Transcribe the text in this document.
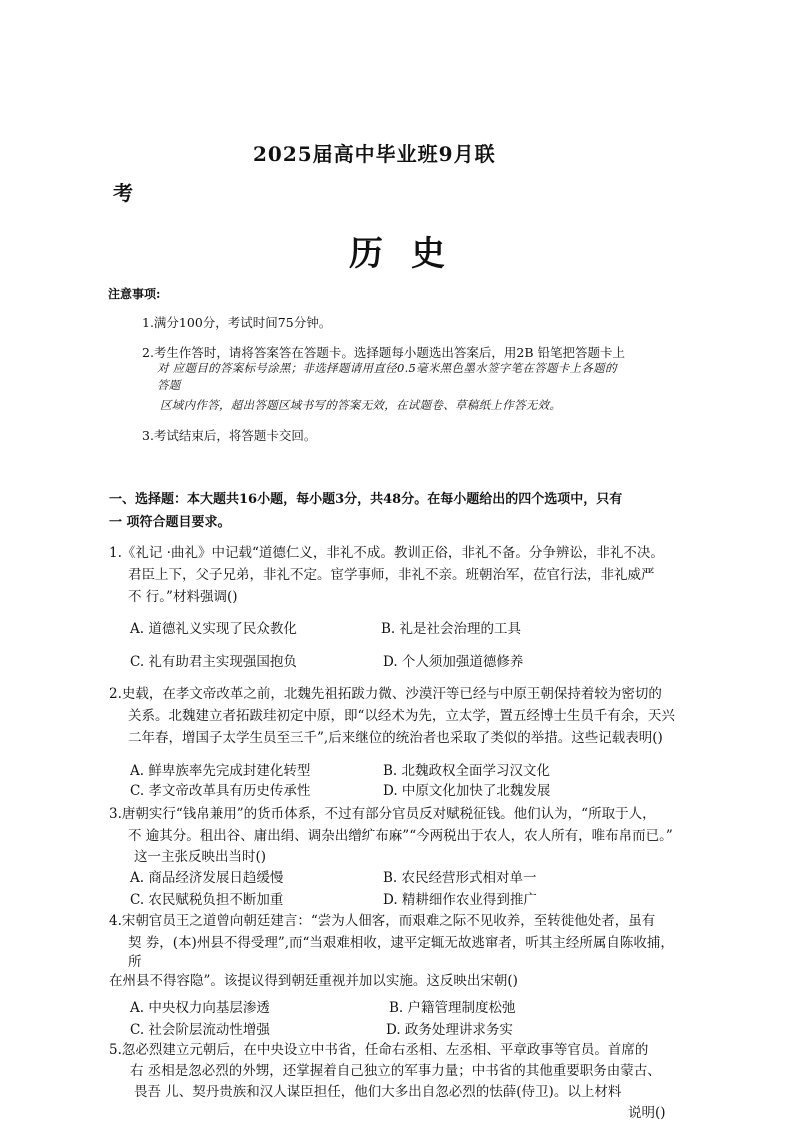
2025届高中毕业班9月联
考
历史
注意事项:
1.满分100分，考试时间75分钟。
2.考生作答时，请将答案答在答题卡。选择题每小题选出答案后，用2B 铅笔把答题卡上
对 应题目的答案标号涂黑；非选择题请用直径0.5毫米黑色墨水签字笔在答题卡上各题的
答题
区域内作答，超出答题区域书写的答案无效，在试题卷、草稿纸上作答无效。
3.考试结束后，将答题卡交回。
一、选择题：本大题共16小题，每小题3分，共48分。在每小题给出的四个选项中，只有
一 项符合题目要求。
1.《礼记 ·曲礼》中记载“道德仁义，非礼不成。教训正俗，非礼不备。分争辨讼，非礼不决。
君臣上下，父子兄弟，非礼不定。宦学事师，非礼不亲。班朝治军，莅官行法，非礼威严
不 行。”材料强调()
A. 道德礼义实现了民众教化	B. 礼是社会治理的工具
C. 礼有助君主实现强国抱负	D. 个人须加强道德修养
2.史载，在孝文帝改革之前，北魏先祖拓跋力微、沙漠汗等已经与中原王朝保持着较为密切的
关系。北魏建立者拓跋珪初定中原，即“以经术为先，立太学，置五经博士生员千有余，天兴
二年春，增国子太学生员至三千”,后来继位的统治者也采取了类似的举措。这些记载表明()
A. 鲜卑族率先完成封建化转型	B. 北魏政权全面学习汉文化
C. 孝文帝改革具有历史传承性	D. 中原文化加快了北魏发展
3.唐朝实行“钱帛兼用”的货币体系，不过有部分官员反对赋税征钱。他们认为，“所取于人，
不 逾其分。租出谷、庸出绢、调杂出缯纩布麻”“今两税出于农人，农人所有，唯布帛而已。”
这一主张反映出当时()
A. 商品经济发展日趋缓慢	B. 农民经营形式相对单一
C. 农民赋税负担不断加重	D. 精耕细作农业得到推广
4.宋朝官员王之道曾向朝廷建言：“尝为人佃客，而艰难之际不见收养，至转徙他处者，虽有
契 券，(本)州县不得受理”,而“当艰难相收，逮平定辄无故逃窜者，听其主经所属自陈收捕，
所
在州县不得容隐”。该提议得到朝廷重视并加以实施。这反映出宋朝()
A. 中央权力向基层渗透	B. 户籍管理制度松弛
C. 社会阶层流动性增强	D. 政务处理讲求务实
5.忽必烈建立元朝后，在中央设立中书省，任命右丞相、左丞相、平章政事等官员。首席的
右 丞相是忽必烈的外甥，还掌握着自己独立的军事力量；中书省的其他重要职务由蒙古、
畏吾 儿、契丹贵族和汉人谋臣担任，他们大多出自忽必烈的怯薛(侍卫)。以上材料
说明()
